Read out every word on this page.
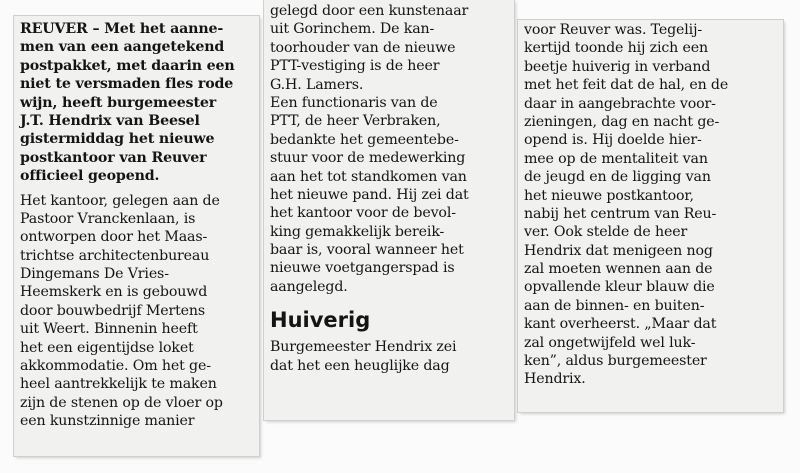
REUVER – Met het aanne-
men van een aangetekend
postpakket, met daarin een
niet te versmaden fles rode
wijn, heeft burgemeester
J.T. Hendrix van Beesel
gistermiddag het nieuwe
postkantoor van Reuver
officieel geopend.
Het kantoor, gelegen aan de
Pastoor Vranckenlaan, is
ontworpen door het Maas-
trichtse architectenbureau
Dingemans De Vries-
Heemskerk en is gebouwd
door bouwbedrijf Mertens
uit Weert. Binnenin heeft
het een eigentijdse loket
akkommodatie. Om het ge-
heel aantrekkelijk te maken
zijn de stenen op de vloer op
een kunstzinnige manier
gelegd door een kunstenaar
uit Gorinchem. De kan-
toorhouder van de nieuwe
PTT-vestiging is de heer
G.H. Lamers.
Een functionaris van de
PTT, de heer Verbraken,
bedankte het gemeentebe-
stuur voor de medewerking
aan het tot standkomen van
het nieuwe pand. Hij zei dat
het kantoor voor de bevol-
king gemakkelijk bereik-
baar is, vooral wanneer het
nieuwe voetgangerspad is
aangelegd.
Huiverig
Burgemeester Hendrix zei
dat het een heuglijke dag
voor Reuver was. Tegelij-
kertijd toonde hij zich een
beetje huiverig in verband
met het feit dat de hal, en de
daar in aangebrachte voor-
zieningen, dag en nacht ge-
opend is. Hij doelde hier-
mee op de mentaliteit van
de jeugd en de ligging van
het nieuwe postkantoor,
nabij het centrum van Reu-
ver. Ook stelde de heer
Hendrix dat menigeen nog
zal moeten wennen aan de
opvallende kleur blauw die
aan de binnen- en buiten-
kant overheerst. „Maar dat
zal ongetwijfeld wel luk-
ken”, aldus burgemeester
Hendrix.
